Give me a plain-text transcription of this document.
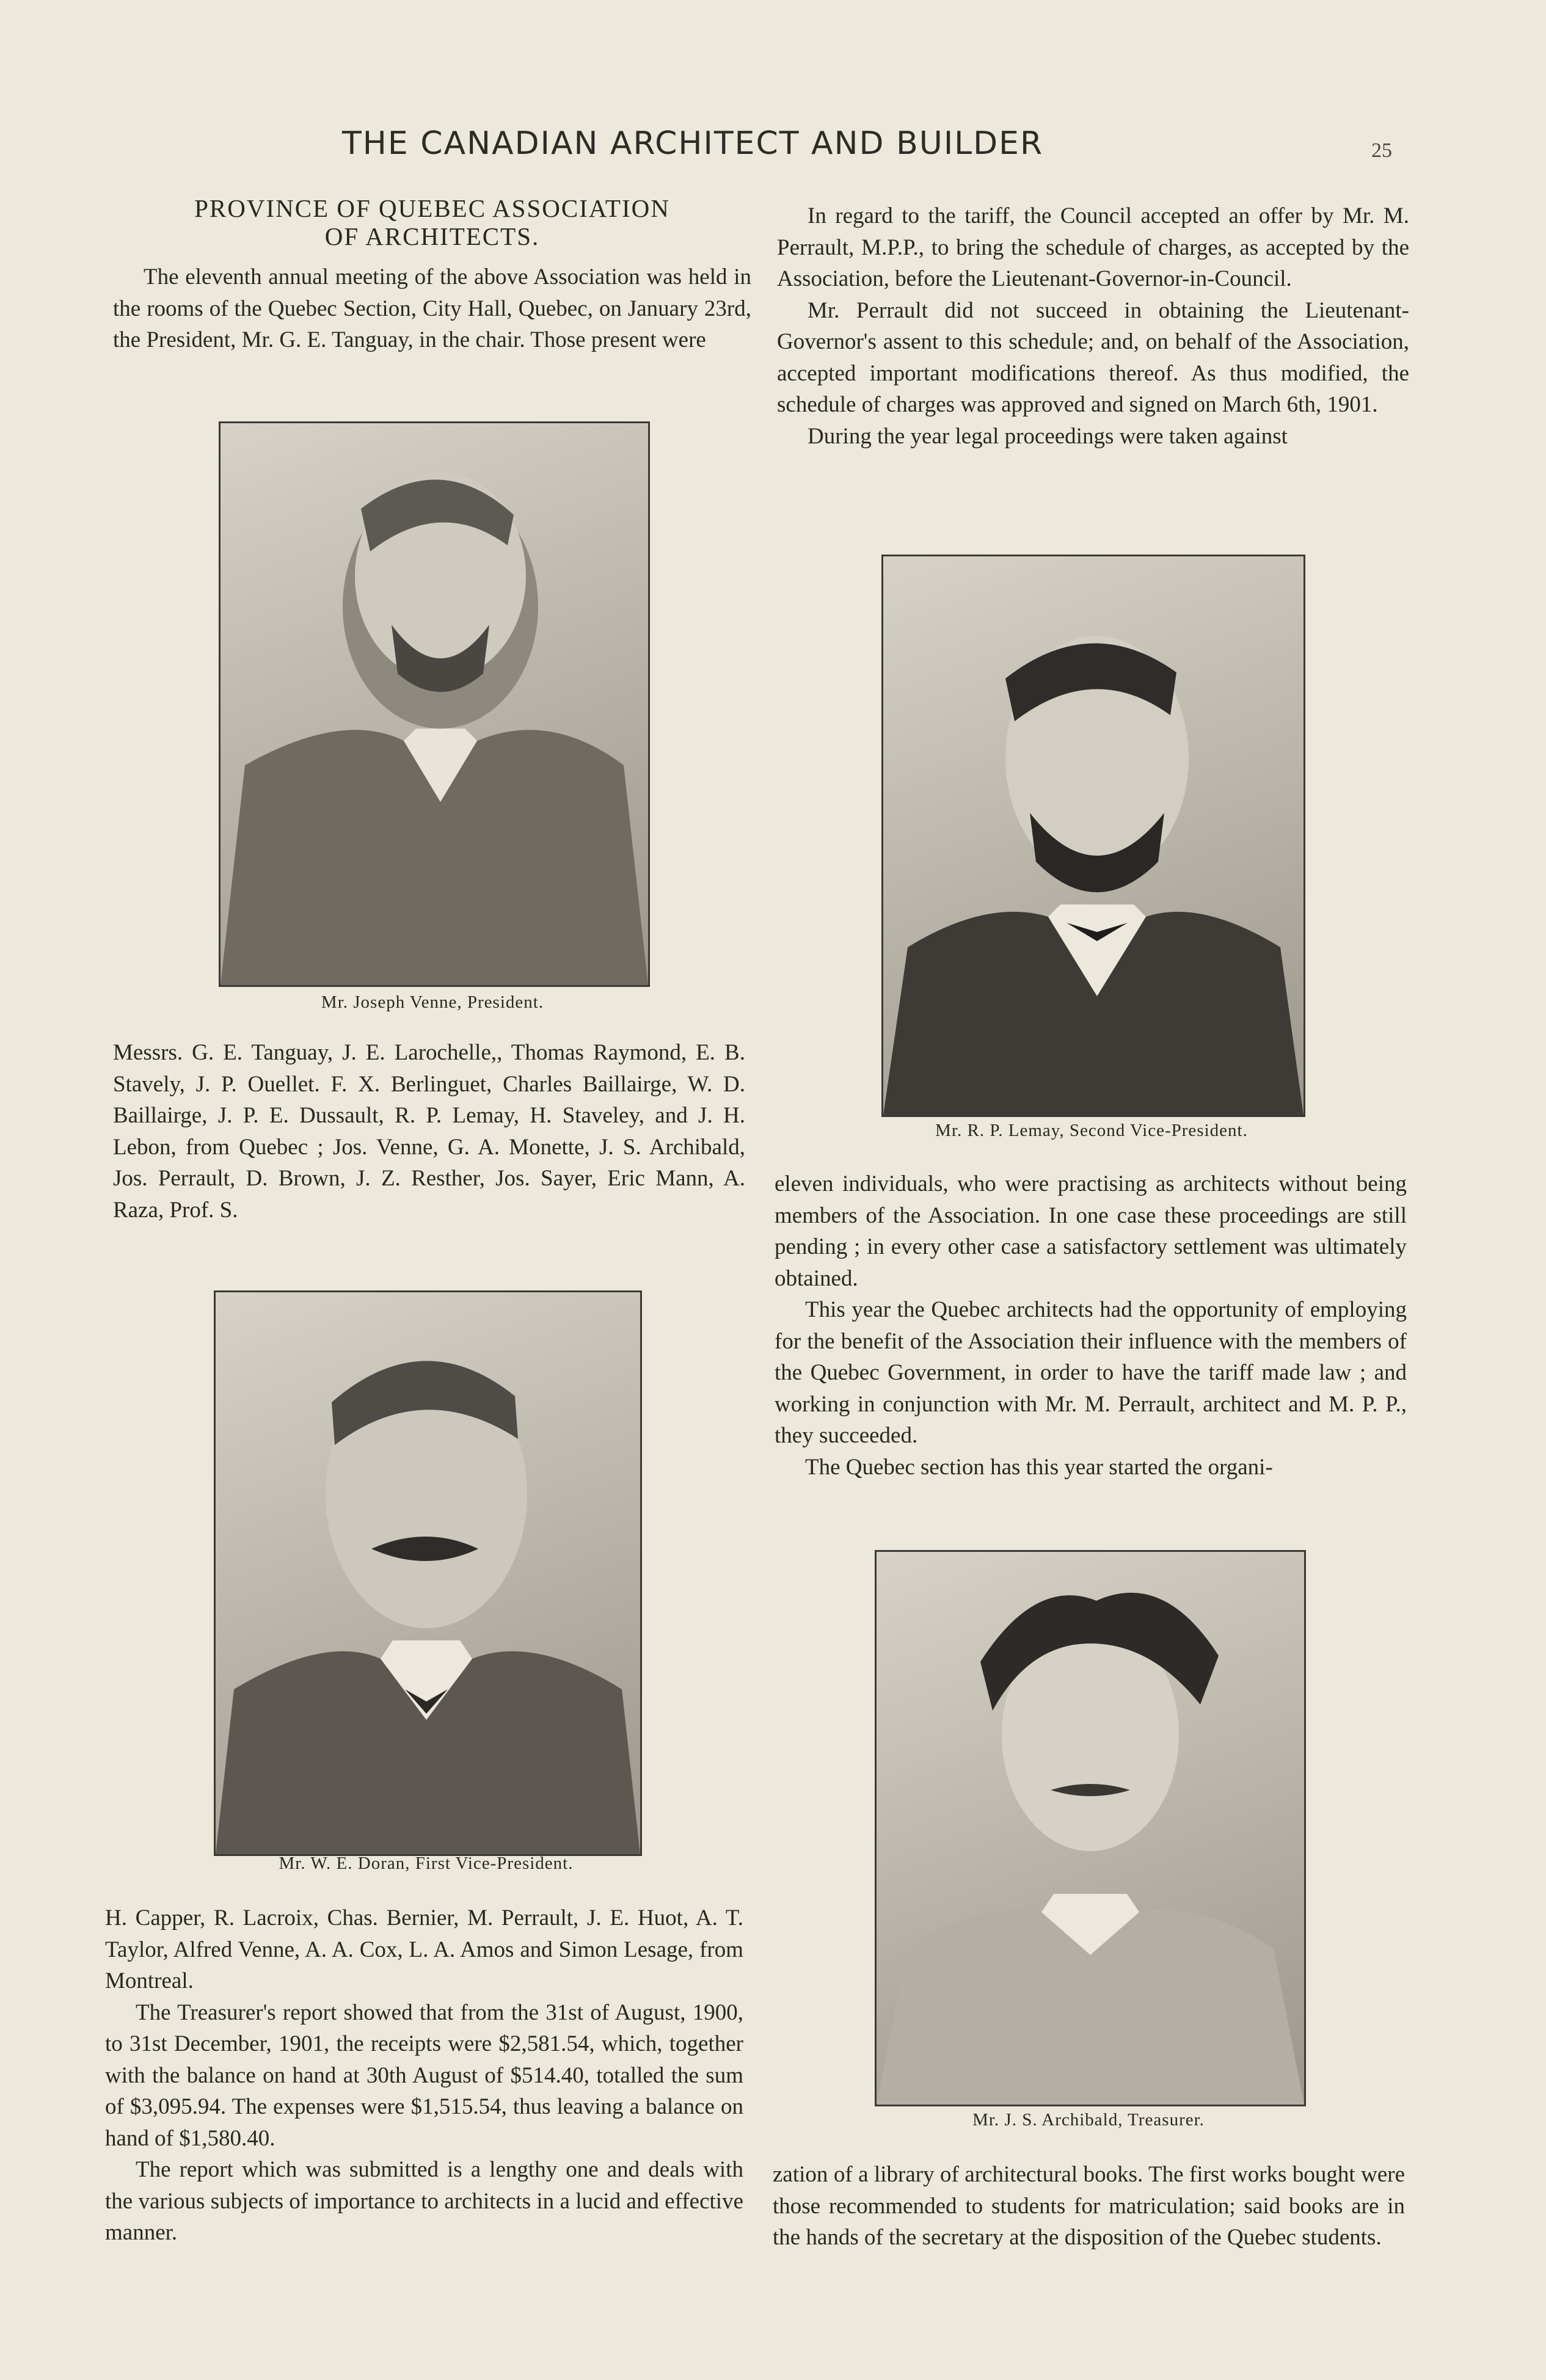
THE CANADIAN ARCHITECT AND BUILDER	25
PROVINCE OF QUEBEC ASSOCIATION
OF ARCHITECTS.

The eleventh annual meeting of the above Association was held in the rooms of the Quebec Section, City Hall, Quebec, on January 23rd, the President, Mr. G. E. Tanguay, in the chair. Those present were

Mr. Joseph Venne, President.

Messrs. G. E. Tanguay, J. E. Larochelle,, Thomas Raymond, E. B. Stavely, J. P. Ouellet. F. X. Berlinguet, Charles Baillairge, W. D. Baillairge, J. P. E. Dussault, R. P. Lemay, H. Staveley, and J. H. Lebon, from Quebec ; Jos. Venne, G. A. Monette, J. S. Archibald, Jos. Perrault, D. Brown, J. Z. Resther, Jos. Sayer, Eric Mann, A. Raza, Prof. S.

Mr. W. E. Doran, First Vice-President.

H. Capper, R. Lacroix, Chas. Bernier, M. Perrault, J. E. Huot, A. T. Taylor, Alfred Venne, A. A. Cox, L. A. Amos and Simon Lesage, from Montreal.

The Treasurer's report showed that from the 31st of August, 1900, to 31st December, 1901, the receipts were $2,581.54, which, together with the balance on hand at 30th August of $514.40, totalled the sum of $3,095.94. The expenses were $1,515.54, thus leaving a balance on hand of $1,580.40.

The report which was submitted is a lengthy one and deals with the various subjects of importance to architects in a lucid and effective manner.

In regard to the tariff, the Council accepted an offer by Mr. M. Perrault, M.P.P., to bring the schedule of charges, as accepted by the Association, before the Lieutenant-Governor-in-Council.

Mr. Perrault did not succeed in obtaining the Lieutenant-Governor's assent to this schedule; and, on behalf of the Association, accepted important modifications thereof. As thus modified, the schedule of charges was approved and signed on March 6th, 1901.

During the year legal proceedings were taken against

Mr. R. P. Lemay, Second Vice-President.

eleven individuals, who were practising as architects without being members of the Association. In one case these proceedings are still pending ; in every other case a satisfactory settlement was ultimately obtained.

This year the Quebec architects had the opportunity of employing for the benefit of the Association their influence with the members of the Quebec Government, in order to have the tariff made law ; and working in conjunction with Mr. M. Perrault, architect and M. P. P., they succeeded.

The Quebec section has this year started the organi-

Mr. J. S. Archibald, Treasurer.

zation of a library of architectural books. The first works bought were those recommended to students for matriculation; said books are in the hands of the secretary at the disposition of the Quebec students.
